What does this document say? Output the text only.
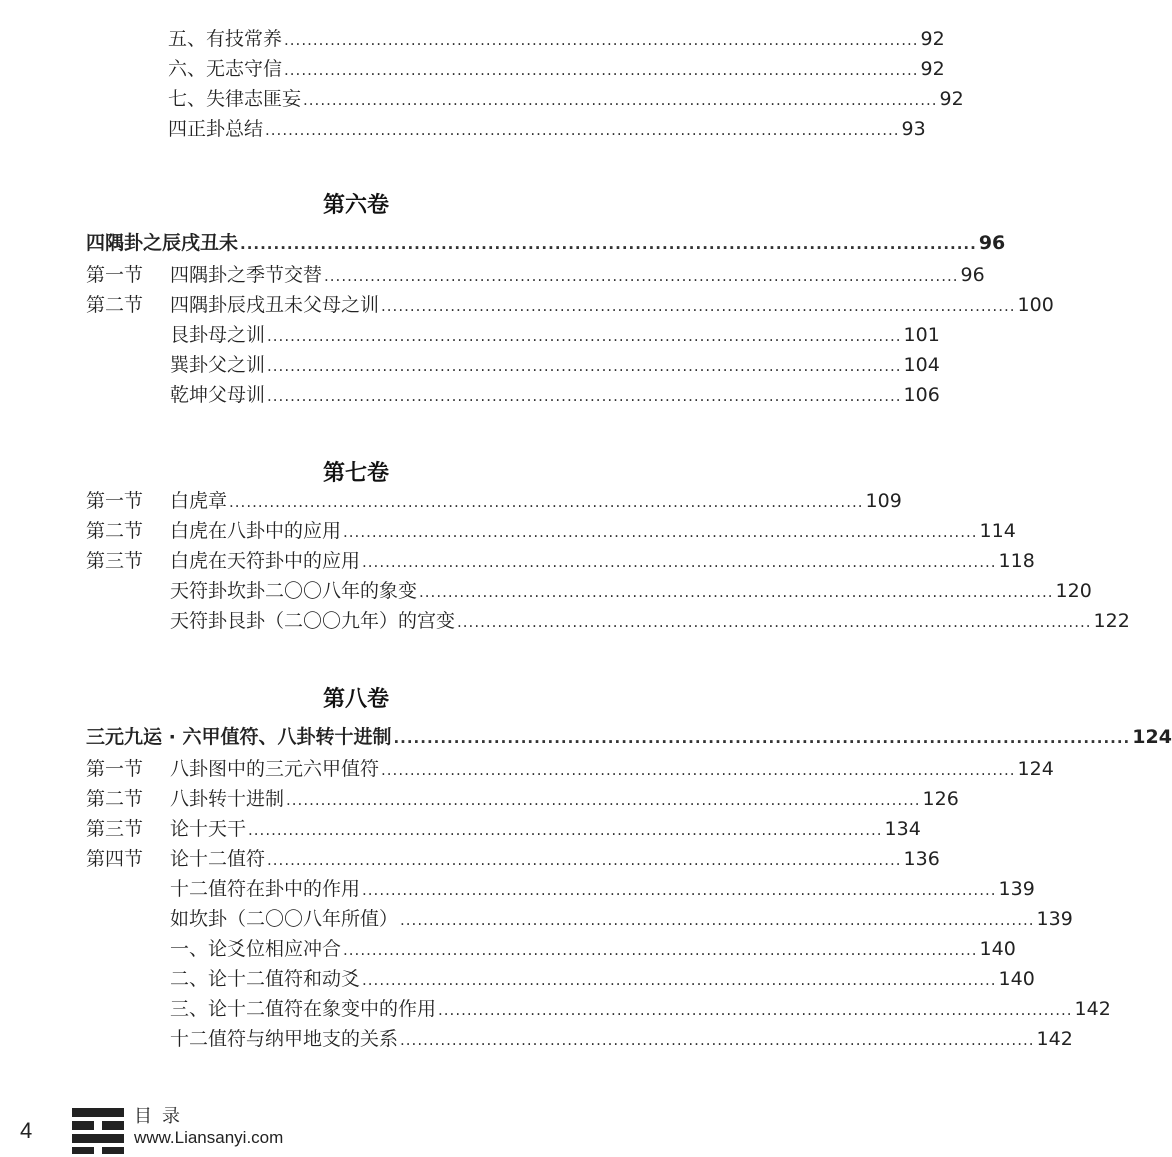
五、有技常养 .............................................................................................................. 92
六、无志守信 .............................................................................................................. 92
七、失律志匪妄 .............................................................................................................. 92
四正卦总结 .............................................................................................................. 93
第六卷
四隅卦之辰戌丑未 .............................................................................................................. 96
第一节	四隅卦之季节交替 .............................................................................................................. 96
第二节	四隅卦辰戌丑未父母之训 .............................................................................................................. 100
艮卦母之训 .............................................................................................................. 101
巽卦父之训 .............................................................................................................. 104
乾坤父母训 .............................................................................................................. 106
第七卷
第一节	白虎章 .............................................................................................................. 109
第二节	白虎在八卦中的应用 .............................................................................................................. 114
第三节	白虎在天符卦中的应用 .............................................................................................................. 118
天符卦坎卦二〇〇八年的象变 .............................................................................................................. 120
天符卦艮卦（二〇〇九年）的宫变 .............................................................................................................. 122
第八卷
三元九运 · 六甲值符、八卦转十进制 .............................................................................................................. 124
第一节	八卦图中的三元六甲值符 .............................................................................................................. 124
第二节	八卦转十进制 .............................................................................................................. 126
第三节	论十天干 .............................................................................................................. 134
第四节	论十二值符 .............................................................................................................. 136
十二值符在卦中的作用 .............................................................................................................. 139
如坎卦（二〇〇八年所值） .............................................................................................................. 139
一、论爻位相应冲合 .............................................................................................................. 140
二、论十二值符和动爻 .............................................................................................................. 140
三、论十二值符在象变中的作用 .............................................................................................................. 142
十二值符与纳甲地支的关系 .............................................................................................................. 142
4
目录
www.Liansanyi.com
